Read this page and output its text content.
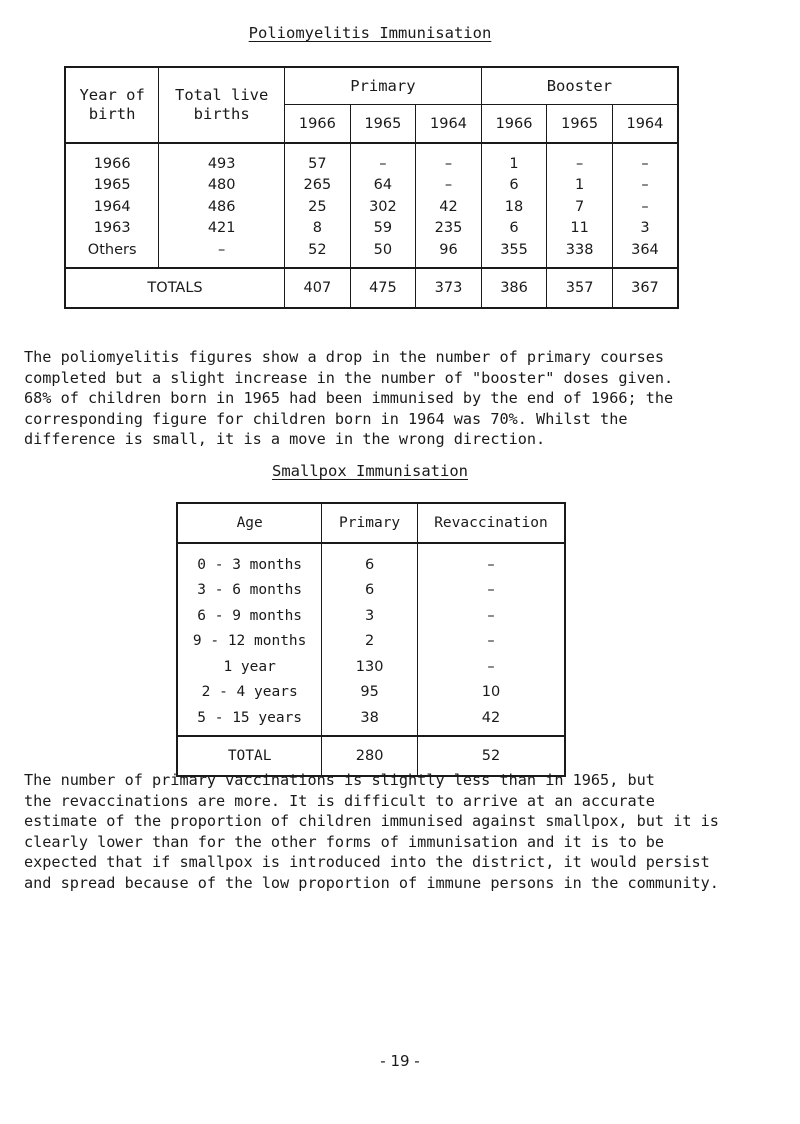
Poliomyelitis Immunisation
Year of birth	Total live births	Primary			Booster		
		1966	1965	1964	1966	1965	1964
1966	493	57	–	–	1	–	–
1965	480	265	64	–	6	1	–
1964	486	25	302	42	18	7	–
1963	421	8	59	235	6	11	3
Others	–	52	50	96	355	338	364
TOTALS		407	475	373	386	357	367
The poliomyelitis figures show a drop in the number of primary courses
completed but a slight increase in the number of "booster" doses given.
68% of children born in 1965 had been immunised by the end of 1966; the
corresponding figure for children born in 1964 was 70%. Whilst the
difference is small, it is a move in the wrong direction.
Smallpox Immunisation
Age	Primary	Revaccination
0 - 3 months	6	–
3 - 6 months	6	–
6 - 9 months	3	–
9 - 12 months	2	–
1 year	130	–
2 - 4 years	95	10
5 - 15 years	38	42
TOTAL	280	52
The number of primary vaccinations is slightly less than in 1965, but
the revaccinations are more. It is difficult to arrive at an accurate
estimate of the proportion of children immunised against smallpox, but it is
clearly lower than for the other forms of immunisation and it is to be
expected that if smallpox is introduced into the district, it would persist
and spread because of the low proportion of immune persons in the community.
- 19 -
